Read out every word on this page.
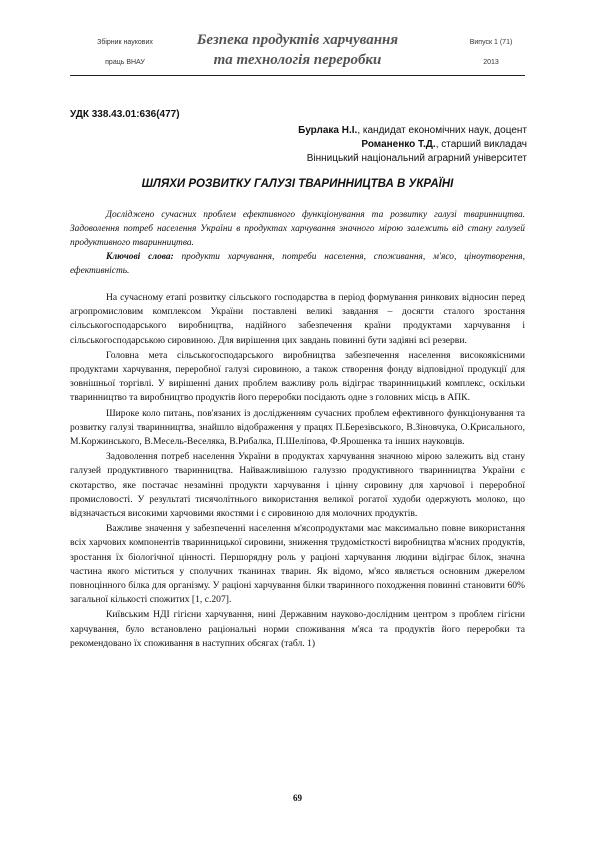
Збірник наукових
праць ВНАУ
Безпека продуктів харчування
та технологія переробки
Випуск 1 (71)
2013
УДК 338.43.01:636(477)
Бурлака Н.І., кандидат економічних наук, доцент
Романенко Т.Д., старший викладач
Вінницький національний аграрний університет
ШЛЯХИ РОЗВИТКУ ГАЛУЗІ ТВАРИННИЦТВА В УКРАЇНІ

Досліджено сучасних проблем ефективного функціонування та розвитку галузі тваринництва. Задоволення потреб населення України в продуктах харчування значного мірою залежить від стану галузей продуктивного тваринництва.

Ключові слова: продукти харчування, потреби населення, споживання, м'ясо, ціноутворення, ефективність.

На сучасному етапі розвитку сільського господарства в період формування ринкових відносин перед агропромисловим комплексом України поставлені великі завдання – досягти сталого зростання сільськогосподарського виробництва, надійного забезпечення країни продуктами харчування і сільськогосподарською сировиною. Для вирішення цих завдань повинні бути задіяні всі резерви.

Головна мета сільськогосподарського виробництва забезпечення населення високоякісними продуктами харчування, переробної галузі сировиною, а також створення фонду відповідної продукції для зовнішньої торгівлі. У вирішенні даних проблем важливу роль відіграє тваринницький комплекс, оскільки тваринництво та виробництво продуктів його переробки посідають одне з головних місць в АПК.

Широке коло питань, пов'язаних із дослідженням сучасних проблем ефективного функціонування та розвитку галузі тваринництва, знайшло відображення у працях П.Березівського, В.Зіновчука, О.Крисального, М.Коржинського, В.Месель-Веселяка, В.Рибалка, П.Шеліпова, Ф.Ярошенка та інших науковців.

Задоволення потреб населення України в продуктах харчування значною мірою залежить від стану галузей продуктивного тваринництва. Найважливішою галуззю продуктивного тваринництва України є скотарство, яке постачає незамінні продукти харчування і цінну сировину для харчової і переробної промисловості. У результаті тисячолітнього використання великої рогатої худоби одержують молоко, що відзначається високими харчовими якостями і є сировиною для молочних продуктів.

Важливе значення у забезпеченні населення м'ясопродуктами має максимально повне використання всіх харчових компонентів тваринницької сировини, зниження трудомісткості виробництва м'ясних продуктів, зростання їх біологічної цінності. Першорядну роль у раціоні харчування людини відіграє білок, значна частина якого міститься у сполучних тканинах тварин. Як відомо, м'ясо являється основним джерелом повноцінного білка для організму. У раціоні харчування білки тваринного походження повинні становити 60% загальної кількості спожитих [1, с.207].

Київським НДІ гігієни харчування, нині Державним науково-дослідним центром з проблем гігієни харчування, було встановлено раціональні норми споживання м'яса та продуктів його переробки та рекомендовано їх споживання в наступних обсягах (табл. 1)

69
